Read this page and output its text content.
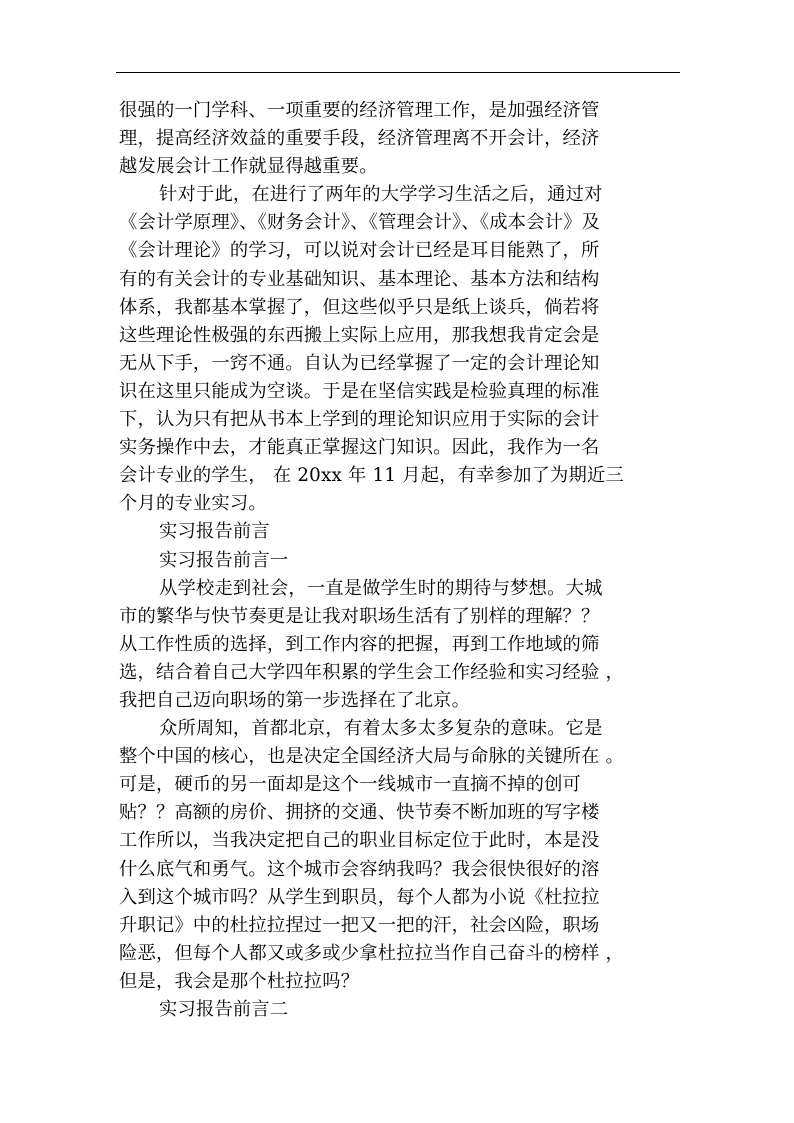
很强的一门学科、一项重要的经济管理工作，是加强经济管
理，提高经济效益的重要手段，经济管理离不开会计，经济
越发展会计工作就显得越重要。
针对于此，在进行了两年的大学学习生活之后，通过对
《会计学原理》、《财务会计》、《管理会计》、《成本会计》及
《会计理论》的学习，可以说对会计已经是耳目能熟了，所
有的有关会计的专业基础知识、基本理论、基本方法和结构
体系，我都基本掌握了，但这些似乎只是纸上谈兵，倘若将
这些理论性极强的东西搬上实际上应用，那我想我肯定会是
无从下手，一窍不通。自认为已经掌握了一定的会计理论知
识在这里只能成为空谈。于是在坚信实践是检验真理的标准
下，认为只有把从书本上学到的理论知识应用于实际的会计
实务操作中去，才能真正掌握这门知识。因此，我作为一名
会计专业的学生， 在 20xx 年 11 月起，有幸参加了为期近三
个月的专业实习。
实习报告前言
实习报告前言一
从学校走到社会，一直是做学生时的期待与梦想。大城
市的繁华与快节奏更是让我对职场生活有了别样的理解？？
从工作性质的选择，到工作内容的把握，再到工作地域的筛
选，结合着自己大学四年积累的学生会工作经验和实习经验 ，
我把自己迈向职场的第一步选择在了北京。
众所周知，首都北京，有着太多太多复杂的意味。它是
整个中国的核心，也是决定全国经济大局与命脉的关键所在 。
可是，硬币的另一面却是这个一线城市一直摘不掉的创可
贴？？高额的房价、拥挤的交通、快节奏不断加班的写字楼
工作所以，当我决定把自己的职业目标定位于此时，本是没
什么底气和勇气。这个城市会容纳我吗？我会很快很好的溶
入到这个城市吗？从学生到职员，每个人都为小说《杜拉拉
升职记》中的杜拉拉捏过一把又一把的汗，社会凶险，职场
险恶，但每个人都又或多或少拿杜拉拉当作自己奋斗的榜样 ，
但是，我会是那个杜拉拉吗？
实习报告前言二
